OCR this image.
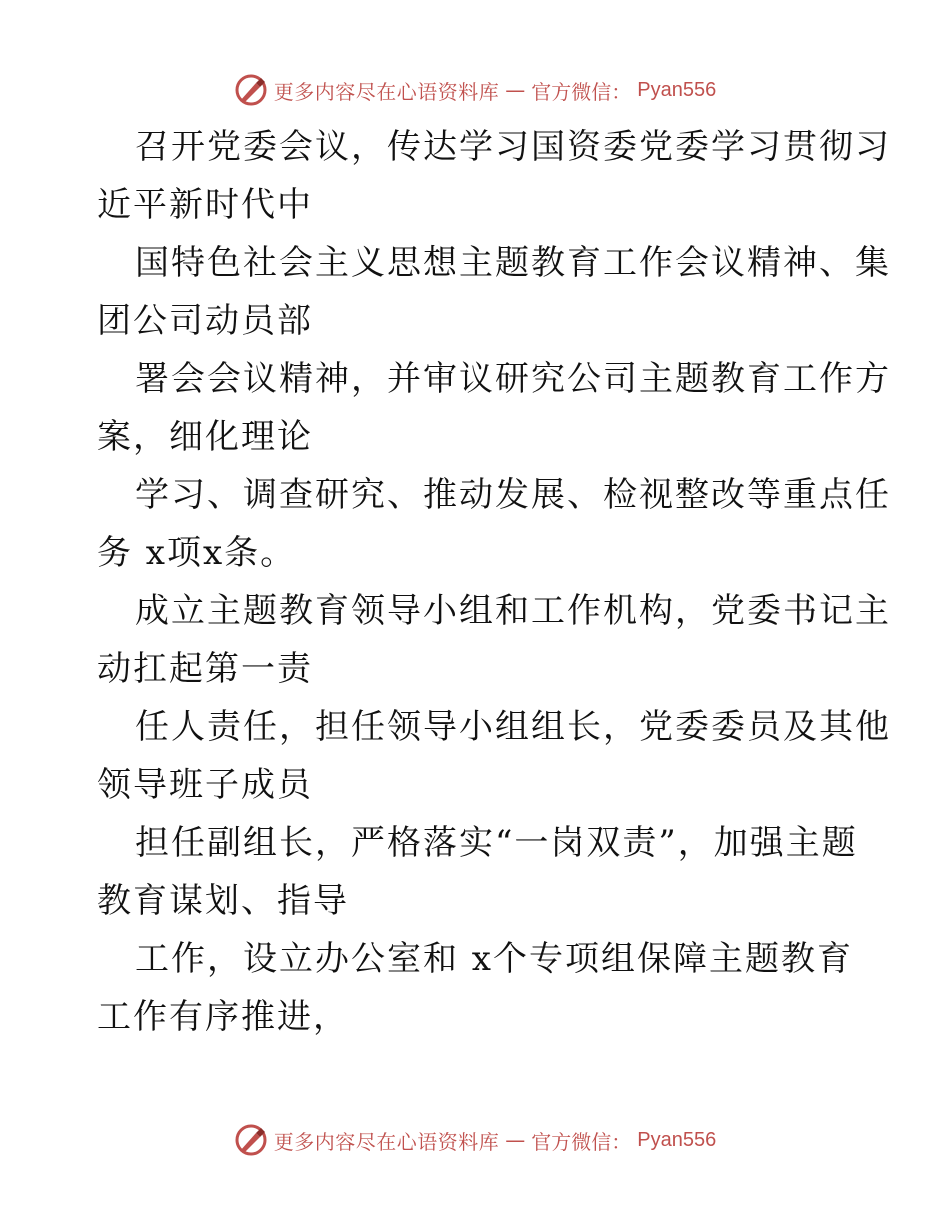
更多内容尽在心语资料库 — 官方微信： Pyan556

召开党委会议，传达学习国资委党委学习贯彻习
近平新时代中

国特色社会主义思想主题教育工作会议精神、集
团公司动员部

署会会议精神，并审议研究公司主题教育工作方
案，细化理论

学习、调查研究、推动发展、检视整改等重点任
务 x项x条。

成立主题教育领导小组和工作机构，党委书记主
动扛起第一责

任人责任，担任领导小组组长，党委委员及其他
领导班子成员

担任副组长，严格落实“一岗双责”，加强主题
教育谋划、指导

工作，设立办公室和 x个专项组保障主题教育
工作有序推进，

更多内容尽在心语资料库 — 官方微信： Pyan556
